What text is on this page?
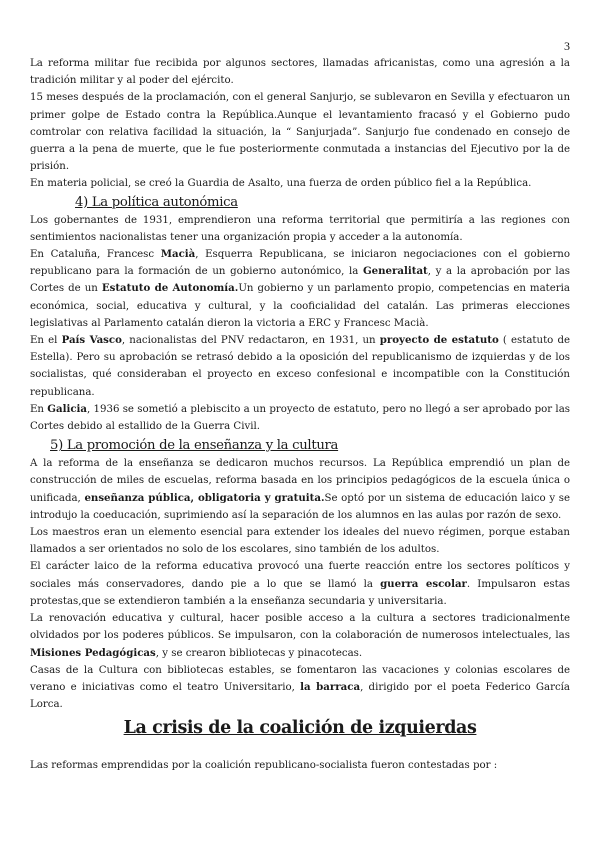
3

La reforma militar fue recibida por algunos sectores, llamadas africanistas, como una agresión a la tradición militar y al poder del ejército.

15 meses después de la proclamación, con el general Sanjurjo, se sublevaron en Sevilla y efectuaron un primer golpe de Estado contra la República.Aunque el levantamiento fracasó y el Gobierno pudo comtrolar con relativa facilidad la situación, la “ Sanjurjada”. Sanjurjo fue condenado en consejo de guerra a la pena de muerte, que le fue posteriormente conmutada a instancias del Ejecutivo por la de prisión.

En materia policial, se creó la Guardia de Asalto, una fuerza de orden público fiel a la República.

4) La política autonómica

Los gobernantes de 1931, emprendieron una reforma territorial que permitiría a las regiones con sentimientos nacionalistas tener una organización propia y acceder a la autonomía.

En Cataluña, Francesc Macià, Esquerra Republicana, se iniciaron negociaciones con el gobierno republicano para la formación de un gobierno autonómico, la Generalitat, y a la aprobación por las Cortes de un Estatuto de Autonomía.Un gobierno y un parlamento propio, competencias en materia económica, social, educativa y cultural, y la cooficialidad del catalán. Las primeras elecciones legislativas al Parlamento catalán dieron la victoria a ERC y Francesc Macià.

En el País Vasco, nacionalistas del PNV redactaron, en 1931, un proyecto de estatuto ( estatuto de Estella). Pero su aprobación se retrasó debido a la oposición del republicanismo de izquierdas y de los socialistas, qué consideraban el proyecto en exceso confesional e incompatible con la Constitución republicana.

En Galicia, 1936 se sometió a plebiscito a un proyecto de estatuto, pero no llegó a ser aprobado por las Cortes debido al estallido de la Guerra Civil.

5) La promoción de la enseñanza y la cultura

A la reforma de la enseñanza se dedicaron muchos recursos. La República emprendió un plan de construcción de miles de escuelas, reforma basada en los principios pedagógicos de la escuela única o unificada, enseñanza pública, obligatoria y gratuita.Se optó por un sistema de educación laico y se introdujo la coeducación, suprimiendo así la separación de los alumnos en las aulas por razón de sexo.

Los maestros eran un elemento esencial para extender los ideales del nuevo régimen, porque estaban llamados a ser orientados no solo de los escolares, sino también de los adultos.

El carácter laico de la reforma educativa provocó una fuerte reacción entre los sectores políticos y sociales más conservadores, dando pie a lo que se llamó la guerra escolar. Impulsaron estas protestas,que se extendieron también a la enseñanza secundaria y universitaria.

La renovación educativa y cultural, hacer posible acceso a la cultura a sectores tradicionalmente olvidados por los poderes públicos. Se impulsaron, con la colaboración de numerosos intelectuales, las Misiones Pedagógicas, y se crearon bibliotecas y pinacotecas.

Casas de la Cultura con bibliotecas estables, se fomentaron las vacaciones y colonias escolares de verano e iniciativas como el teatro Universitario, la barraca, dirigido por el poeta Federico García Lorca.

La crisis de la coalición de izquierdas

Las reformas emprendidas por la coalición republicano-socialista fueron contestadas por :
